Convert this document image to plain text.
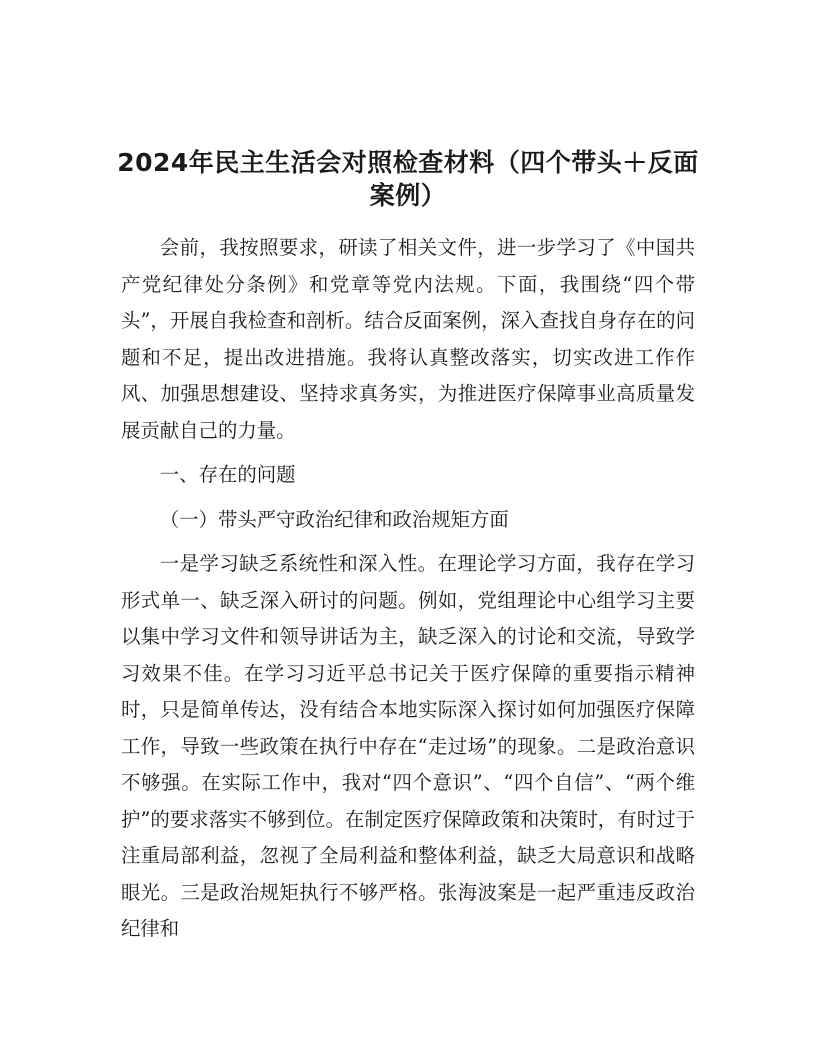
2024年民主生活会对照检查材料（四个带头＋反面案例）

会前，我按照要求，研读了相关文件，进一步学习了《中国共产党纪律处分条例》和党章等党内法规。下面，我围绕“四个带头”，开展自我检查和剖析。结合反面案例，深入查找自身存在的问题和不足，提出改进措施。我将认真整改落实，切实改进工作作风、加强思想建设、坚持求真务实，为推进医疗保障事业高质量发展贡献自己的力量。

一、存在的问题

（一）带头严守政治纪律和政治规矩方面

一是学习缺乏系统性和深入性。在理论学习方面，我存在学习形式单一、缺乏深入研讨的问题。例如，党组理论中心组学习主要以集中学习文件和领导讲话为主，缺乏深入的讨论和交流，导致学习效果不佳。在学习习近平总书记关于医疗保障的重要指示精神时，只是简单传达，没有结合本地实际深入探讨如何加强医疗保障工作，导致一些政策在执行中存在“走过场”的现象。二是政治意识不够强。在实际工作中，我对“四个意识”、“四个自信”、“两个维护”的要求落实不够到位。在制定医疗保障政策和决策时，有时过于注重局部利益，忽视了全局利益和整体利益，缺乏大局意识和战略眼光。三是政治规矩执行不够严格。张海波案是一起严重违反政治纪律和
